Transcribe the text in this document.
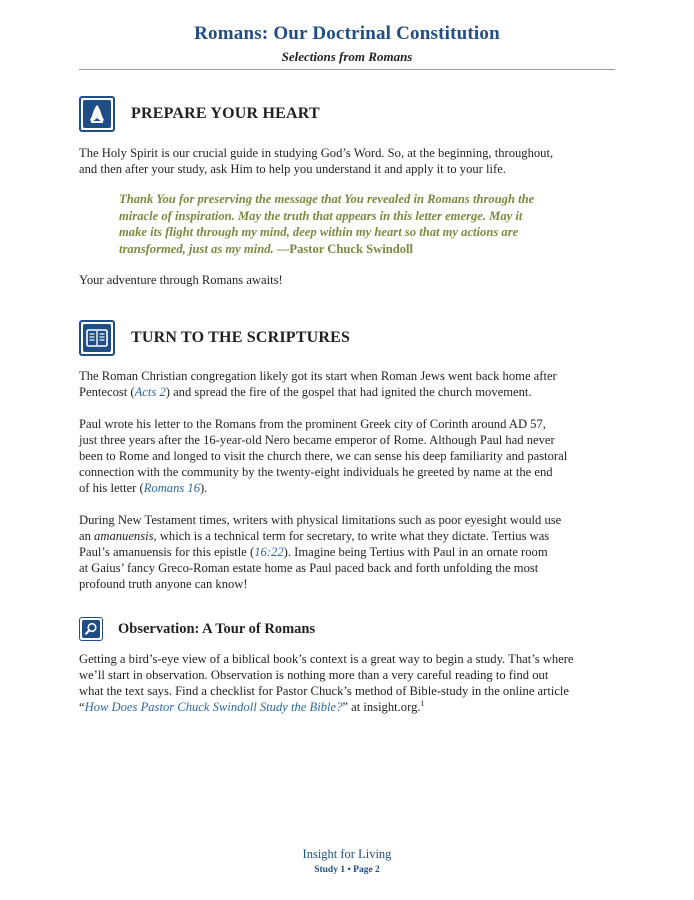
Romans: Our Doctrinal Constitution
Selections from Romans
PREPARE YOUR HEART

The Holy Spirit is our crucial guide in studying God’s Word. So, at the beginning, throughout,
and then after your study, ask Him to help you understand it and apply it to your life.

Thank You for preserving the message that You revealed in Romans through the
miracle of inspiration. May the truth that appears in this letter emerge. May it
make its flight through my mind, deep within my heart so that my actions are
transformed, just as my mind. —Pastor Chuck Swindoll

Your adventure through Romans awaits!

TURN TO THE SCRIPTURES

The Roman Christian congregation likely got its start when Roman Jews went back home after
Pentecost (Acts 2) and spread the fire of the gospel that had ignited the church movement.

Paul wrote his letter to the Romans from the prominent Greek city of Corinth around AD 57,
just three years after the 16-year-old Nero became emperor of Rome. Although Paul had never
been to Rome and longed to visit the church there, we can sense his deep familiarity and pastoral
connection with the community by the twenty-eight individuals he greeted by name at the end
of his letter (Romans 16).

During New Testament times, writers with physical limitations such as poor eyesight would use
an amanuensis, which is a technical term for secretary, to write what they dictate. Tertius was
Paul’s amanuensis for this epistle (16:22). Imagine being Tertius with Paul in an ornate room
at Gaius’ fancy Greco-Roman estate home as Paul paced back and forth unfolding the most
profound truth anyone can know!

Observation: A Tour of Romans

Getting a bird’s-eye view of a biblical book’s context is a great way to begin a study. That’s where
we’ll start in observation. Observation is nothing more than a very careful reading to find out
what the text says. Find a checklist for Pastor Chuck’s method of Bible-study in the online article
“How Does Pastor Chuck Swindoll Study the Bible?” at insight.org.$^1$

Insight for Living
Study 1 • Page 2
